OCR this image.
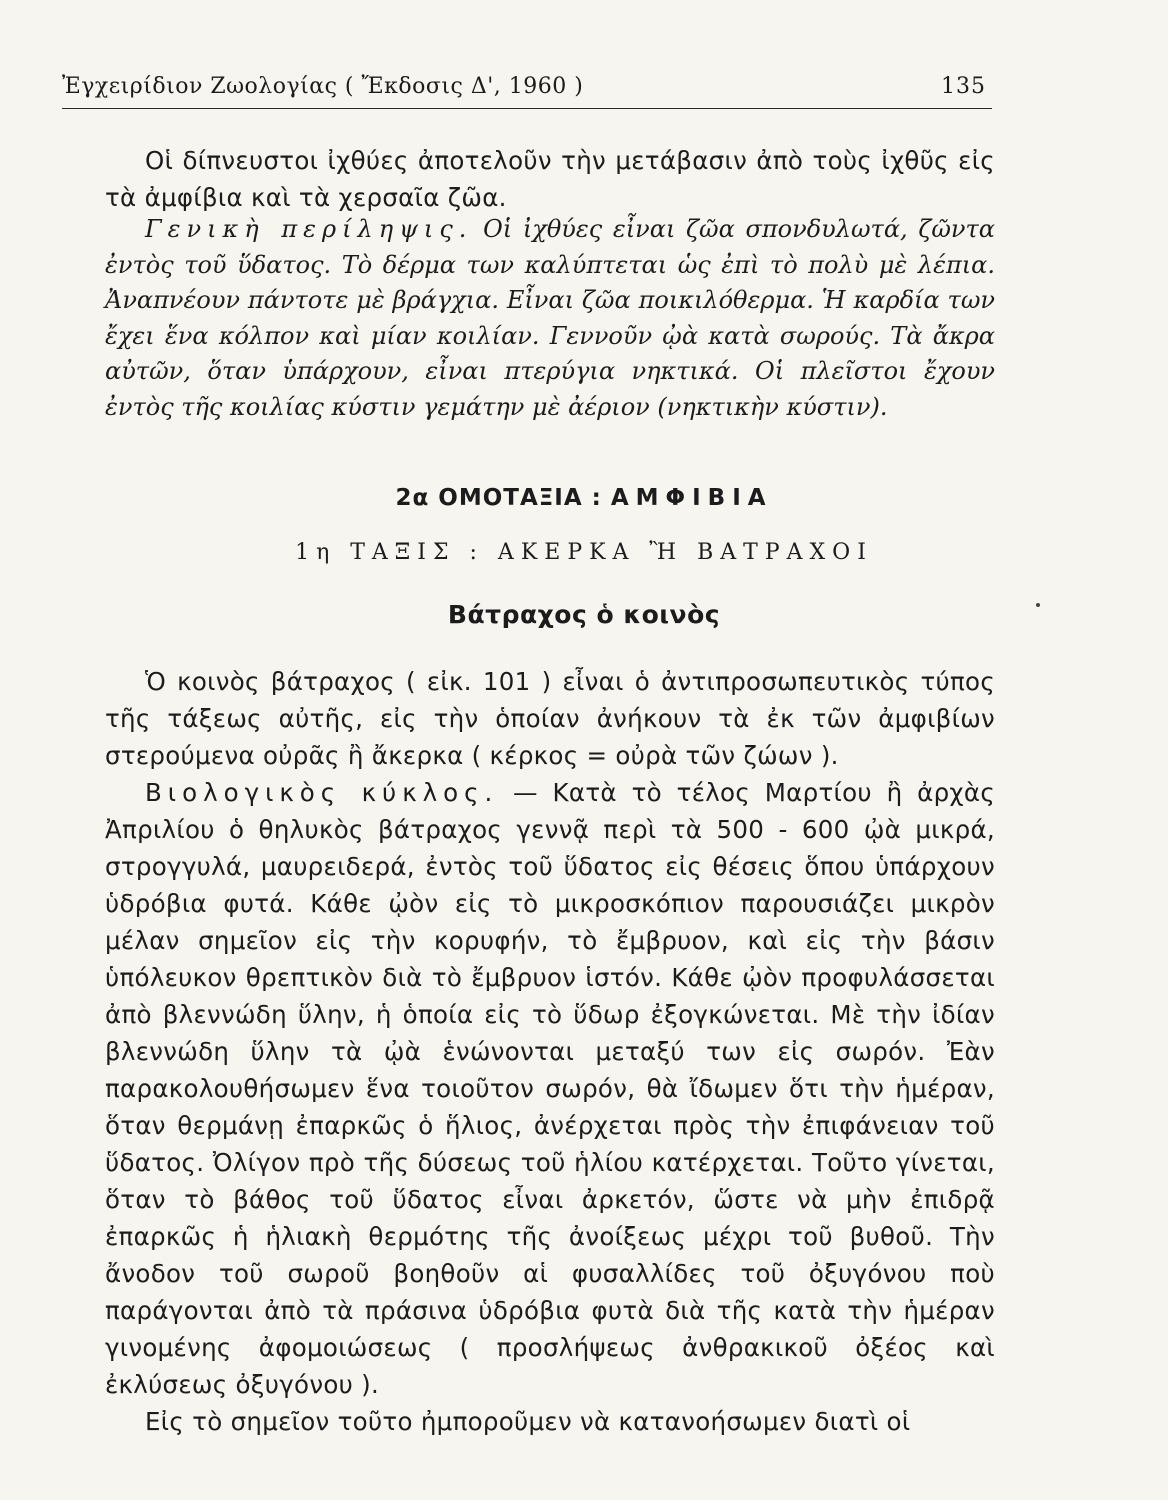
Ἐγχειρίδιον Ζωολογίας ( Ἔκδοσις Δ', 1960 )	135

Οἱ δίπνευστοι ἰχθύες ἀποτελοῦν τὴν μετάβασιν ἀπὸ τοὺς ἰχθῦς εἰς τὰ ἀμφίβια καὶ τὰ χερσαῖα ζῶα.

Γενικὴ περίληψις. Οἱ ἰχθύες εἶναι ζῶα σπονδυλωτά, ζῶντα ἐντὸς τοῦ ὕδατος. Τὸ δέρμα των καλύπτεται ὡς ἐπὶ τὸ πολὺ μὲ λέπια. Ἀναπνέουν πάντοτε μὲ βράγχια. Εἶναι ζῶα ποικιλόθερμα. Ἡ καρδία των ἔχει ἕνα κόλπον καὶ μίαν κοιλίαν. Γεννοῦν ᾠὰ κατὰ σωρούς. Τὰ ἄκρα αὐτῶν, ὅταν ὑπάρχουν, εἶναι πτερύγια νηκτικά. Οἱ πλεῖστοι ἔχουν ἐντὸς τῆς κοιλίας κύστιν γεμάτην μὲ ἀέριον (νηκτικὴν κύστιν).

2α ΟΜΟΤΑΞΙΑ : ΑΜΦΙΒΙΑ
1η ΤΑΞΙΣ : ΑΚΕΡΚΑ Ἢ ΒΑΤΡΑΧΟΙ
Βάτραχος ὁ κοινὸς

Ὁ κοινὸς βάτραχος ( εἰκ. 101 ) εἶναι ὁ ἀντιπροσωπευτικὸς τύπος τῆς τάξεως αὐτῆς, εἰς τὴν ὁποίαν ἀνήκουν τὰ ἐκ τῶν ἀμφιβίων στερούμενα οὐρᾶς ἢ ἄκερκα ( κέρκος = οὐρὰ τῶν ζώων ).

Βιολογικὸς κύκλος. — Κατὰ τὸ τέλος Μαρτίου ἢ ἀρχὰς Ἀπριλίου ὁ θηλυκὸς βάτραχος γεννᾷ περὶ τὰ 500 - 600 ᾠὰ μικρά, στρογγυλά, μαυρειδερά, ἐντὸς τοῦ ὕδατος εἰς θέσεις ὅπου ὑπάρχουν ὑδρόβια φυτά. Κάθε ᾠὸν εἰς τὸ μικροσκόπιον παρουσιάζει μικρὸν μέλαν σημεῖον εἰς τὴν κορυφήν, τὸ ἔμβρυον, καὶ εἰς τὴν βάσιν ὑπόλευκον θρεπτικὸν διὰ τὸ ἔμβρυον ἱστόν. Κάθε ᾠὸν προφυλάσσεται ἀπὸ βλεννώδη ὕλην, ἡ ὁποία εἰς τὸ ὕδωρ ἐξογκώνεται. Μὲ τὴν ἰδίαν βλεννώδη ὕλην τὰ ᾠὰ ἑνώνονται μεταξύ των εἰς σωρόν. Ἐὰν παρακολουθήσωμεν ἕνα τοιοῦτον σωρόν, θὰ ἴδωμεν ὅτι τὴν ἡμέραν, ὅταν θερμάνῃ ἐπαρκῶς ὁ ἥλιος, ἀνέρχεται πρὸς τὴν ἐπιφάνειαν τοῦ ὕδατος. Ὀλίγον πρὸ τῆς δύσεως τοῦ ἡλίου κατέρχεται. Τοῦτο γίνεται, ὅταν τὸ βάθος τοῦ ὕδατος εἶναι ἀρκετόν, ὥστε νὰ μὴν ἐπιδρᾷ ἐπαρκῶς ἡ ἡλιακὴ θερμότης τῆς ἀνοίξεως μέχρι τοῦ βυθοῦ. Τὴν ἄνοδον τοῦ σωροῦ βοηθοῦν αἱ φυσαλλίδες τοῦ ὀξυγόνου ποὺ παράγονται ἀπὸ τὰ πράσινα ὑδρόβια φυτὰ διὰ τῆς κατὰ τὴν ἡμέραν γινομένης ἀφομοιώσεως ( προσλήψεως ἀνθρακικοῦ ὀξέος καὶ ἐκλύσεως ὀξυγόνου ).

Εἰς τὸ σημεῖον τοῦτο ἠμποροῦμεν νὰ κατανοήσωμεν διατὶ οἱ
